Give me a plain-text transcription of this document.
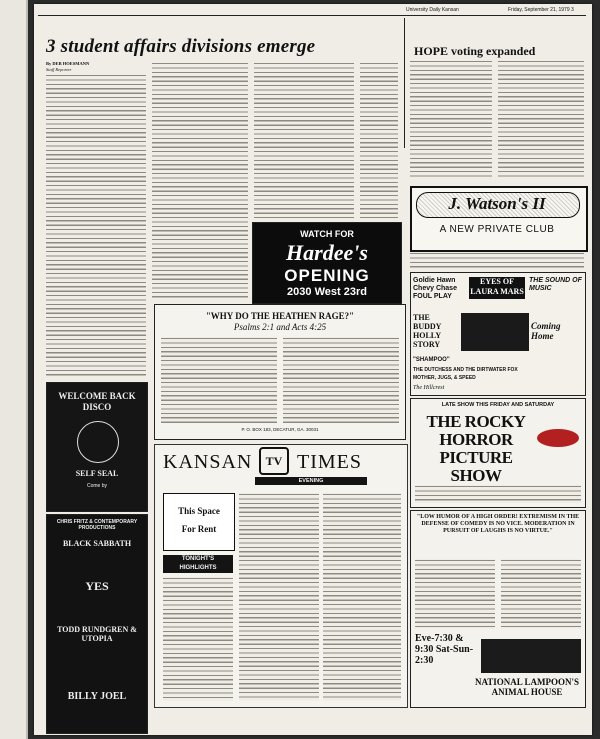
University Daily Kansan	Friday, September 21, 1979 3
3 student affairs divisions emerge
By DEB HOESMANN
Staff Reporter
WATCH FOR
Hardee's
OPENING
2030 West 23rd
HOPE voting expanded
J. Watson's II
A NEW PRIVATE CLUB
Goldie Hawn Chevy Chase FOUL PLAY
EYES OF LAURA MARS
THE SOUND OF MUSIC
THE BUDDY HOLLY STORY
Coming Home
"SHAMPOO"
THE DUTCHESS AND THE DIRTWATER FOX
MOTHER, JUGS, & SPEED
The Hillcrest
LATE SHOW THIS FRIDAY AND SATURDAY
THE ROCKY HORROR PICTURE SHOW
"LOW HUMOR OF A HIGH ORDER! EXTREMISM IN THE DEFENSE OF COMEDY IS NO VICE. MODERATION IN PURSUIT OF LAUGHS IS NO VIRTUE."
Eve-7:30 & 9:30 Sat-Sun-2:30
NATIONAL LAMPOON'S ANIMAL HOUSE
"WHY DO THE HEATHEN RAGE?"
Psalms 2:1 and Acts 4:25
P. O. BOX 183, DECATUR, GA. 30031
WELCOME BACK DISCO
SELF SEAL
Come by
CHRIS FRITZ & CONTEMPORARY PRODUCTIONS
BLACK SABBATH
YES
TODD RUNDGREN & UTOPIA
BILLY JOEL
KANSAN	TV TIMES
EVENING
This Space
For Rent
TONIGHT'S HIGHLIGHTS
